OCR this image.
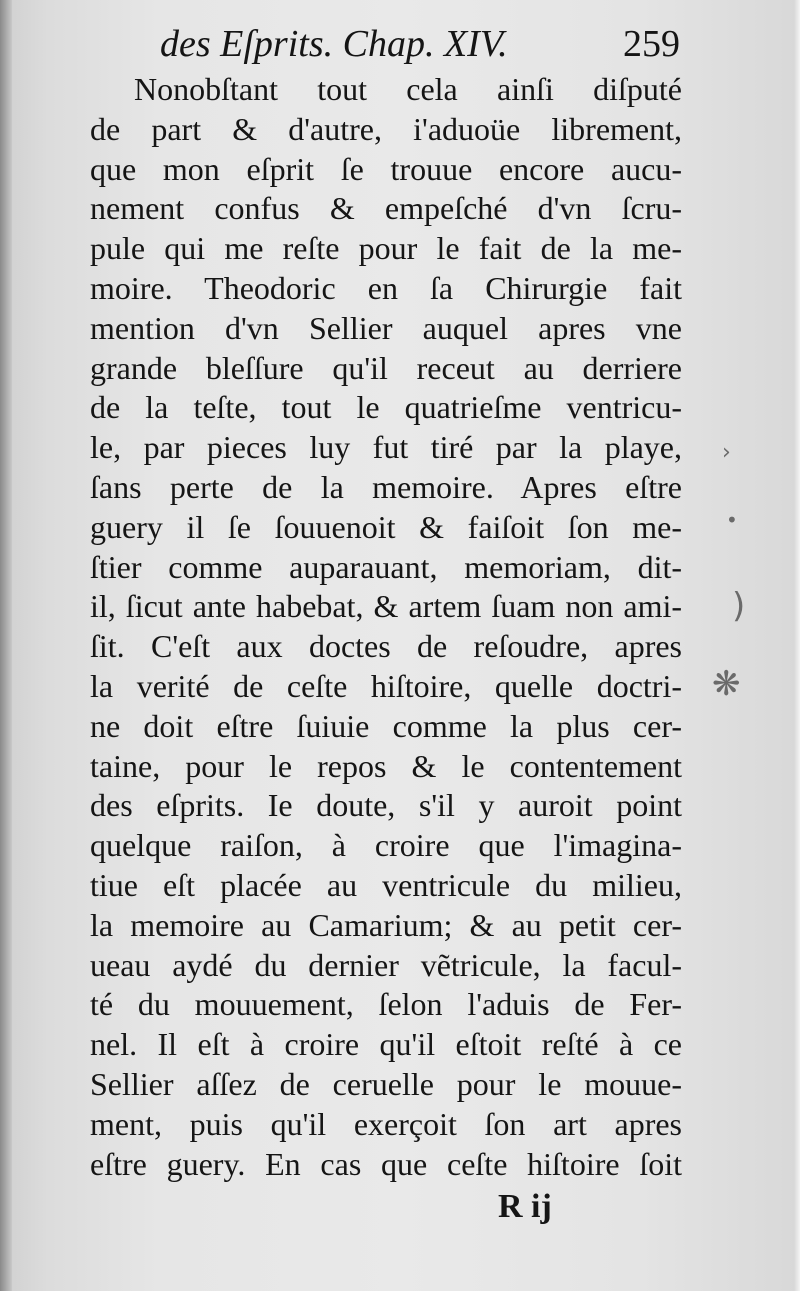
des Eſprits. Chap. XIV.	259
Nonobſtant tout cela ainſi diſputé
de part & d'autre, i'aduoüe librement,
que mon eſprit ſe trouue encore aucu-
nement confus & empeſché d'vn ſcru-
pule qui me reſte pour le fait de la me-
moire. Theodoric en ſa Chirurgie fait
mention d'vn Sellier auquel apres vne
grande bleſſure qu'il receut au derriere
de la teſte, tout le quatrieſme ventricu-
le, par pieces luy fut tiré par la playe,
ſans perte de la memoire. Apres eſtre
guery il ſe ſouuenoit & faiſoit ſon me-
ſtier comme auparauant, memoriam, dit-
il, ſicut ante habebat, & artem ſuam non ami-
ſit. C'eſt aux doctes de reſoudre, apres
la verité de ceſte hiſtoire, quelle doctri-
ne doit eſtre ſuiuie comme la plus cer-
taine, pour le repos & le contentement
des eſprits. Ie doute, s'il y auroit point
quelque raiſon, à croire que l'imagina-
tiue eſt placée au ventricule du milieu,
la memoire au Camarium; & au petit cer-
ueau aydé du dernier vẽtricule, la facul-
té du mouuement, ſelon l'aduis de Fer-
nel. Il eſt à croire qu'il eſtoit reſté à ce
Sellier aſſez de ceruelle pour le mouue-
ment, puis qu'il exerçoit ſon art apres
eſtre guery. En cas que ceſte hiſtoire ſoit
R ij
›
•
)
❋
